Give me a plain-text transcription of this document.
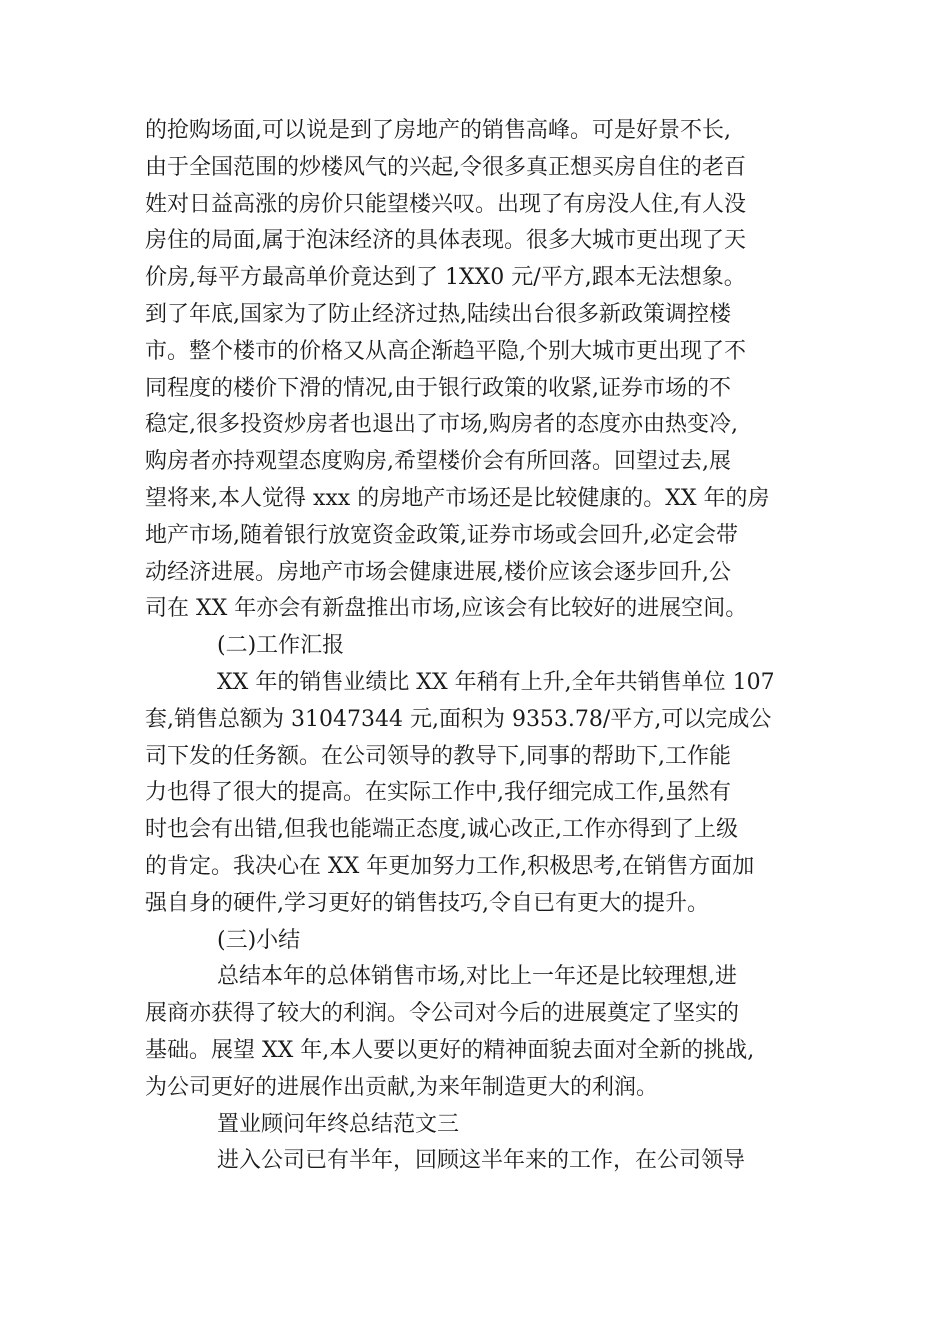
的抢购场面,可以说是到了房地产的销售高峰。可是好景不长,
由于全国范围的炒楼风气的兴起,令很多真正想买房自住的老百
姓对日益高涨的房价只能望楼兴叹。出现了有房没人住,有人没
房住的局面,属于泡沫经济的具体表现。很多大城市更出现了天
价房,每平方最高单价竟达到了 1XX0 元/平方,跟本无法想象。
到了年底,国家为了防止经济过热,陆续出台很多新政策调控楼
市。整个楼市的价格又从高企渐趋平隐,个别大城市更出现了不
同程度的楼价下滑的情况,由于银行政策的收紧,证券市场的不
稳定,很多投资炒房者也退出了市场,购房者的态度亦由热变冷,
购房者亦持观望态度购房,希望楼价会有所回落。回望过去,展
望将来,本人觉得 xxx 的房地产市场还是比较健康的。XX 年的房
地产市场,随着银行放宽资金政策,证券市场或会回升,必定会带
动经济进展。房地产市场会健康进展,楼价应该会逐步回升,公
司在 XX 年亦会有新盘推出市场,应该会有比较好的进展空间。
(二)工作汇报
XX 年的销售业绩比 XX 年稍有上升,全年共销售单位 107
套,销售总额为 31047344 元,面积为 9353.78/平方,可以完成公
司下发的任务额。在公司领导的教导下,同事的帮助下,工作能
力也得了很大的提高。在实际工作中,我仔细完成工作,虽然有
时也会有出错,但我也能端正态度,诚心改正,工作亦得到了上级
的肯定。我决心在 XX 年更加努力工作,积极思考,在销售方面加
强自身的硬件,学习更好的销售技巧,令自已有更大的提升。
(三)小结
总结本年的总体销售市场,对比上一年还是比较理想,进
展商亦获得了较大的利润。令公司对今后的进展奠定了坚实的
基础。展望 XX 年,本人要以更好的精神面貌去面对全新的挑战,
为公司更好的进展作出贡献,为来年制造更大的利润。
置业顾问年终总结范文三
进入公司已有半年，回顾这半年来的工作，在公司领导
